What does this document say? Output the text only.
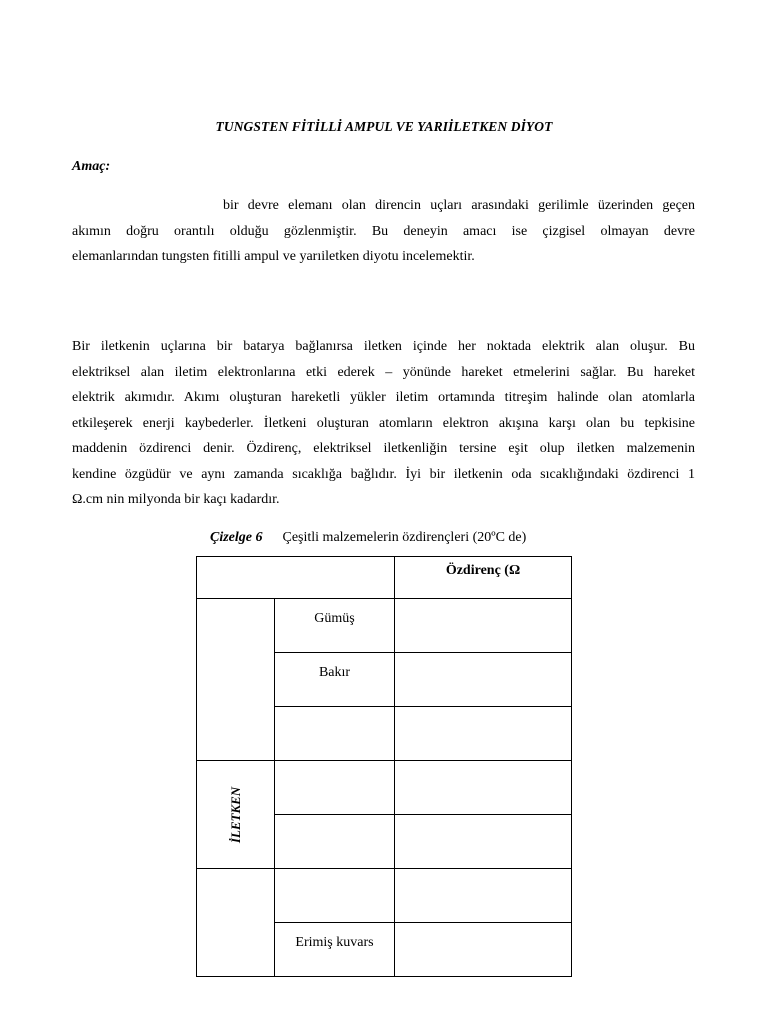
TUNGSTEN FİTİLLİ AMPUL VE YARIİLETKEN DİYOT
Amaç:
bir devre elemanı olan direncin uçları arasındaki gerilimle üzerinden geçen
akımın doğru orantılı olduğu gözlenmiştir. Bu deneyin amacı ise çizgisel olmayan devre
elemanlarından tungsten fitilli ampul ve yarıiletken diyotu incelemektir.
Bir iletkenin uçlarına bir batarya bağlanırsa iletken içinde her noktada elektrik alan oluşur. Bu
elektriksel alan iletim elektronlarına etki ederek – yönünde hareket etmelerini sağlar. Bu hareket
elektrik akımıdır. Akımı oluşturan hareketli yükler iletim ortamında titreşim halinde olan atomlarla
etkileşerek enerji kaybederler. İletkeni oluşturan atomların elektron akışına karşı olan bu tepkisine
maddenin özdirenci denir. Özdirenç, elektriksel iletkenliğin tersine eşit olup iletken malzemenin
kendine özgüdür ve aynı zamanda sıcaklığa bağlıdır. İyi bir iletkenin oda sıcaklığındaki özdirenci 1
Ω.cm nin milyonda bir kaçı kadardır.
Çizelge 6 Çeşitli malzemelerin özdirençleri (20ºC de)
		Özdirenç (Ω
	Gümüş	
	Bakır	

İLETKEN		

	Erimiş kuvars	
